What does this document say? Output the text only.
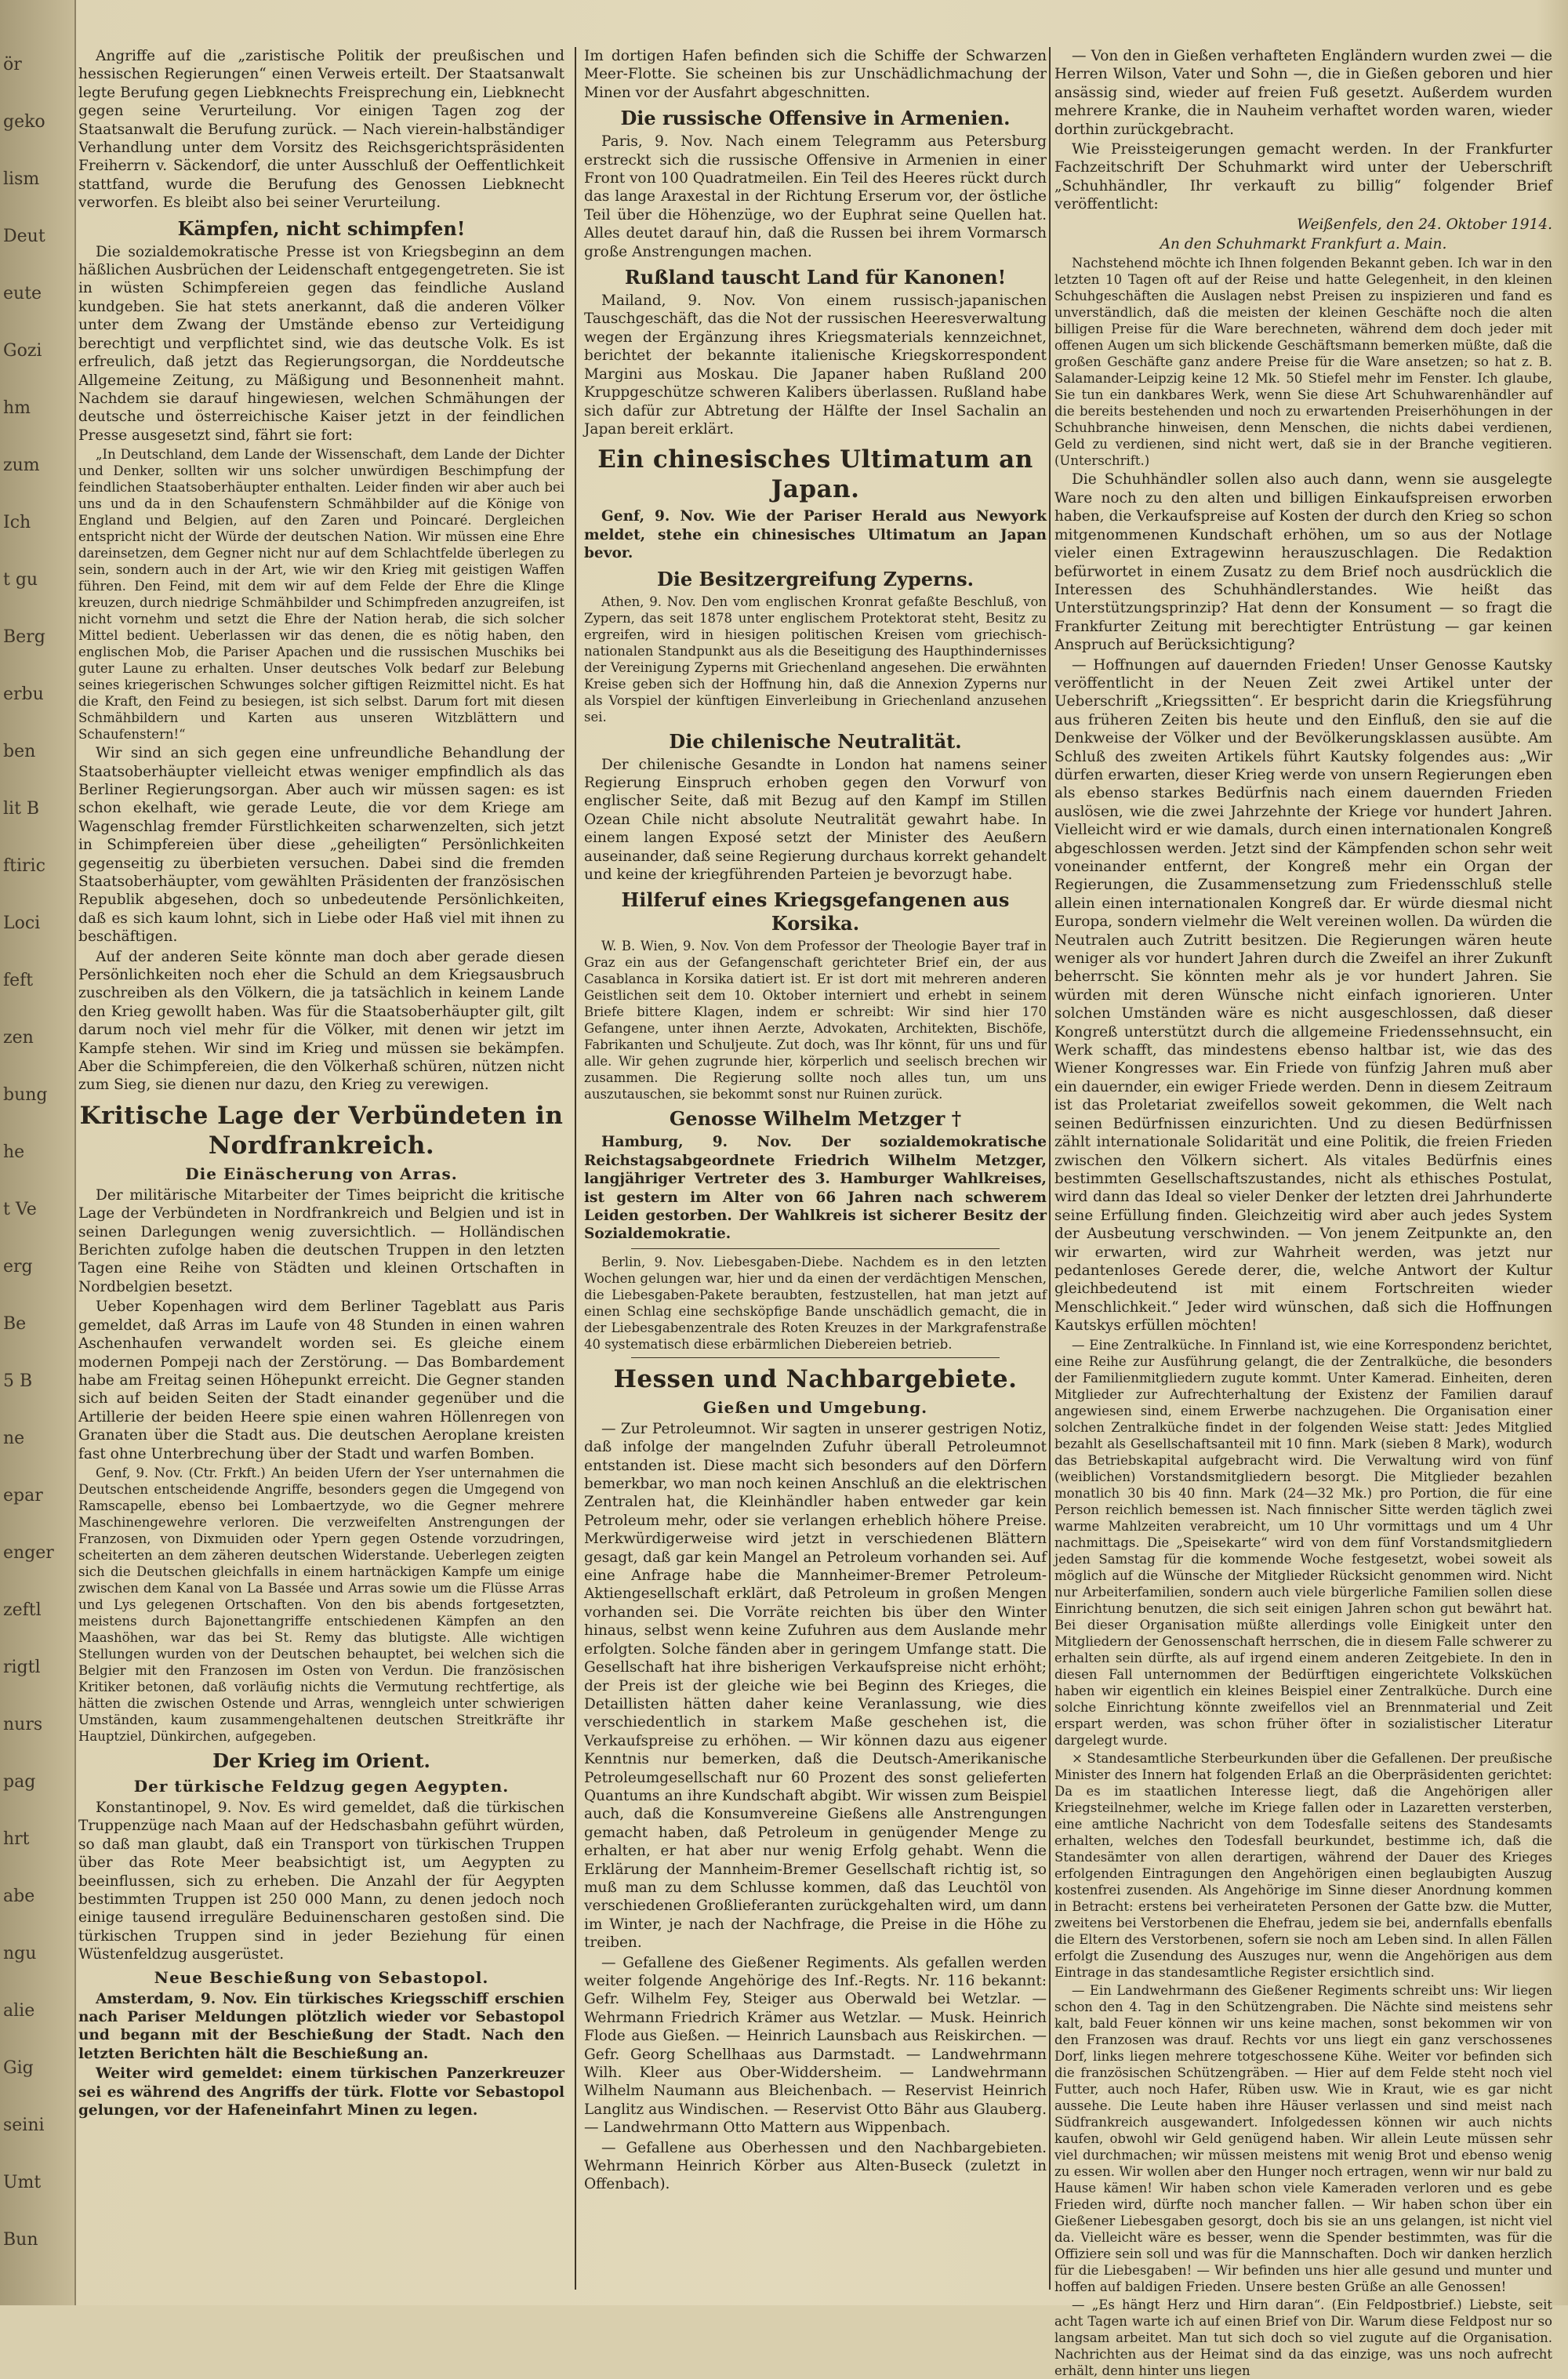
ör
geko
lism
Deut
eute
Gozi
hm
zum
Ich
t gu
Berg
erbu
ben
lit B
ftiric
Loci
feft
zen
bung
he
t Ve
erg
Be
5 B
ne
epar
enger
zeftl
rigtl
nurs
pag
hrt
abe
ngu
alie
Gig
seini
Umt
Bun

Angriffe auf die „zaristische Politik der preußischen und hessischen Regierungen“ einen Verweis erteilt. Der Staatsanwalt legte Berufung gegen Liebknechts Freisprechung ein, Liebknecht gegen seine Verurteilung. Vor einigen Tagen zog der Staatsanwalt die Berufung zurück. — Nach vierein-halbständiger Verhandlung unter dem Vorsitz des Reichsgerichtspräsidenten Freiherrn v. Säckendorf, die unter Ausschluß der Oeffentlichkeit stattfand, wurde die Berufung des Genossen Liebknecht verworfen. Es bleibt also bei seiner Verurteilung.

Kämpfen, nicht schimpfen!

Die sozialdemokratische Presse ist von Kriegsbeginn an dem häßlichen Ausbrüchen der Leidenschaft entgegengetreten. Sie ist in wüsten Schimpfereien gegen das feindliche Ausland kundgeben. Sie hat stets anerkannt, daß die anderen Völker unter dem Zwang der Umstände ebenso zur Verteidigung berechtigt und verpflichtet sind, wie das deutsche Volk. Es ist erfreulich, daß jetzt das Regierungsorgan, die Norddeutsche Allgemeine Zeitung, zu Mäßigung und Besonnenheit mahnt. Nachdem sie darauf hingewiesen, welchen Schmähungen der deutsche und österreichische Kaiser jetzt in der feindlichen Presse ausgesetzt sind, fährt sie fort:

„In Deutschland, dem Lande der Wissenschaft, dem Lande der Dichter und Denker, sollten wir uns solcher unwürdigen Beschimpfung der feindlichen Staatsoberhäupter enthalten. Leider finden wir aber auch bei uns und da in den Schaufenstern Schmähbilder auf die Könige von England und Belgien, auf den Zaren und Poincaré. Dergleichen entspricht nicht der Würde der deutschen Nation. Wir müssen eine Ehre dareinsetzen, dem Gegner nicht nur auf dem Schlachtfelde überlegen zu sein, sondern auch in der Art, wie wir den Krieg mit geistigen Waffen führen. Den Feind, mit dem wir auf dem Felde der Ehre die Klinge kreuzen, durch niedrige Schmähbilder und Schimpfreden anzugreifen, ist nicht vornehm und setzt die Ehre der Nation herab, die sich solcher Mittel bedient. Ueberlassen wir das denen, die es nötig haben, den englischen Mob, die Pariser Apachen und die russischen Muschiks bei guter Laune zu erhalten. Unser deutsches Volk bedarf zur Belebung seines kriegerischen Schwunges solcher giftigen Reizmittel nicht. Es hat die Kraft, den Feind zu besiegen, ist sich selbst. Darum fort mit diesen Schmähbildern und Karten aus unseren Witzblättern und Schaufenstern!“

Wir sind an sich gegen eine unfreundliche Behandlung der Staatsoberhäupter vielleicht etwas weniger empfindlich als das Berliner Regierungsorgan. Aber auch wir müssen sagen: es ist schon ekelhaft, wie gerade Leute, die vor dem Kriege am Wagenschlag fremder Fürstlichkeiten scharwenzelten, sich jetzt in Schimpfereien über diese „geheiligten“ Persönlichkeiten gegenseitig zu überbieten versuchen. Dabei sind die fremden Staatsoberhäupter, vom gewählten Präsidenten der französischen Republik abgesehen, doch so unbedeutende Persönlichkeiten, daß es sich kaum lohnt, sich in Liebe oder Haß viel mit ihnen zu beschäftigen.

Auf der anderen Seite könnte man doch aber gerade diesen Persönlichkeiten noch eher die Schuld an dem Kriegsausbruch zuschreiben als den Völkern, die ja tatsächlich in keinem Lande den Krieg gewollt haben. Was für die Staatsoberhäupter gilt, gilt darum noch viel mehr für die Völker, mit denen wir jetzt im Kampfe stehen. Wir sind im Krieg und müssen sie bekämpfen. Aber die Schimpfereien, die den Völkerhaß schüren, nützen nicht zum Sieg, sie dienen nur dazu, den Krieg zu verewigen.

Kritische Lage der Verbündeten in Nordfrankreich.
Die Einäscherung von Arras.

Der militärische Mitarbeiter der Times beipricht die kritische Lage der Verbündeten in Nordfrankreich und Belgien und ist in seinen Darlegungen wenig zuversichtlich. — Holländischen Berichten zufolge haben die deutschen Truppen in den letzten Tagen eine Reihe von Städten und kleinen Ortschaften in Nordbelgien besetzt.

Ueber Kopenhagen wird dem Berliner Tageblatt aus Paris gemeldet, daß Arras im Laufe von 48 Stunden in einen wahren Aschenhaufen verwandelt worden sei. Es gleiche einem modernen Pompeji nach der Zerstörung. — Das Bombardement habe am Freitag seinen Höhepunkt erreicht. Die Gegner standen sich auf beiden Seiten der Stadt einander gegenüber und die Artillerie der beiden Heere spie einen wahren Höllenregen von Granaten über die Stadt aus. Die deutschen Aeroplane kreisten fast ohne Unterbrechung über der Stadt und warfen Bomben.

Genf, 9. Nov. (Ctr. Frkft.) An beiden Ufern der Yser unternahmen die Deutschen entscheidende Angriffe, besonders gegen die Umgegend von Ramscapelle, ebenso bei Lombaertzyde, wo die Gegner mehrere Maschinengewehre verloren. Die verzweifelten Anstrengungen der Franzosen, von Dixmuiden oder Ypern gegen Ostende vorzudringen, scheiterten an dem zäheren deutschen Widerstande. Ueberlegen zeigten sich die Deutschen gleichfalls in einem hartnäckigen Kampfe um einige zwischen dem Kanal von La Bassée und Arras sowie um die Flüsse Arras und Lys gelegenen Ortschaften. Von den bis abends fortgesetzten, meistens durch Bajonettangriffe entschiedenen Kämpfen an den Maashöhen, war das bei St. Remy das blutigste. Alle wichtigen Stellungen wurden von der Deutschen behauptet, bei welchen sich die Belgier mit den Franzosen im Osten von Verdun. Die französischen Kritiker betonen, daß vorläufig nichts die Vermutung rechtfertige, als hätten die zwischen Ostende und Arras, wenngleich unter schwierigen Umständen, kaum zusammengehaltenen deutschen Streitkräfte ihr Hauptziel, Dünkirchen, aufgegeben.

Der Krieg im Orient.
Der türkische Feldzug gegen Aegypten.

Konstantinopel, 9. Nov. Es wird gemeldet, daß die türkischen Truppenzüge nach Maan auf der Hedschasbahn geführt würden, so daß man glaubt, daß ein Transport von türkischen Truppen über das Rote Meer beabsichtigt ist, um Aegypten zu beeinflussen, sich zu erheben. Die Anzahl der für Aegypten bestimmten Truppen ist 250 000 Mann, zu denen jedoch noch einige tausend irreguläre Beduinenscharen gestoßen sind. Die türkischen Truppen sind in jeder Beziehung für einen Wüstenfeldzug ausgerüstet.

Neue Beschießung von Sebastopol.

Amsterdam, 9. Nov. Ein türkisches Kriegsschiff erschien nach Pariser Meldungen plötzlich wieder vor Sebastopol und begann mit der Beschießung der Stadt. Nach den letzten Berichten hält die Beschießung an.

Weiter wird gemeldet: einem türkischen Panzerkreuzer sei es während des Angriffs der türk. Flotte vor Sebastopol gelungen, vor der Hafeneinfahrt Minen zu legen.

Im dortigen Hafen befinden sich die Schiffe der Schwarzen Meer-Flotte. Sie scheinen bis zur Unschädlichmachung der Minen vor der Ausfahrt abgeschnitten.

Die russische Offensive in Armenien.

Paris, 9. Nov. Nach einem Telegramm aus Petersburg erstreckt sich die russische Offensive in Armenien in einer Front von 100 Quadratmeilen. Ein Teil des Heeres rückt durch das lange Araxestal in der Richtung Erserum vor, der östliche Teil über die Höhenzüge, wo der Euphrat seine Quellen hat. Alles deutet darauf hin, daß die Russen bei ihrem Vormarsch große Anstrengungen machen.

Rußland tauscht Land für Kanonen!

Mailand, 9. Nov. Von einem russisch-japanischen Tauschgeschäft, das die Not der russischen Heeresverwaltung wegen der Ergänzung ihres Kriegsmaterials kennzeichnet, berichtet der bekannte italienische Kriegskorrespondent Margini aus Moskau. Die Japaner haben Rußland 200 Kruppgeschütze schweren Kalibers überlassen. Rußland habe sich dafür zur Abtretung der Hälfte der Insel Sachalin an Japan bereit erklärt.

Ein chinesisches Ultimatum an Japan.

Genf, 9. Nov. Wie der Pariser Herald aus Newyork meldet, stehe ein chinesisches Ultimatum an Japan bevor.

Die Besitzergreifung Zyperns.

Athen, 9. Nov. Den vom englischen Kronrat gefaßte Beschluß, von Zypern, das seit 1878 unter englischem Protektorat steht, Besitz zu ergreifen, wird in hiesigen politischen Kreisen vom griechisch-nationalen Standpunkt aus als die Beseitigung des Haupthindernisses der Vereinigung Zyperns mit Griechenland angesehen. Die erwähnten Kreise geben sich der Hoffnung hin, daß die Annexion Zyperns nur als Vorspiel der künftigen Einverleibung in Griechenland anzusehen sei.

Die chilenische Neutralität.

Der chilenische Gesandte in London hat namens seiner Regierung Einspruch erhoben gegen den Vorwurf von englischer Seite, daß mit Bezug auf den Kampf im Stillen Ozean Chile nicht absolute Neutralität gewahrt habe. In einem langen Exposé setzt der Minister des Aeußern auseinander, daß seine Regierung durchaus korrekt gehandelt und keine der kriegführenden Parteien je bevorzugt habe.

Hilferuf eines Kriegsgefangenen aus Korsika.

W. B. Wien, 9. Nov. Von dem Professor der Theologie Bayer traf in Graz ein aus der Gefangenschaft gerichteter Brief ein, der aus Casablanca in Korsika datiert ist. Er ist dort mit mehreren anderen Geistlichen seit dem 10. Oktober interniert und erhebt in seinem Briefe bittere Klagen, indem er schreibt: Wir sind hier 170 Gefangene, unter ihnen Aerzte, Advokaten, Architekten, Bischöfe, Fabrikanten und Schuljeute. Zut doch, was Ihr könnt, für uns und für alle. Wir gehen zugrunde hier, körperlich und seelisch brechen wir zusammen. Die Regierung sollte noch alles tun, um uns auszutauschen, sie bekommt sonst nur Ruinen zurück.

Genosse Wilhelm Metzger †

Hamburg, 9. Nov. Der sozialdemokratische Reichstagsabgeordnete Friedrich Wilhelm Metzger, langjähriger Vertreter des 3. Hamburger Wahlkreises, ist gestern im Alter von 66 Jahren nach schwerem Leiden gestorben. Der Wahlkreis ist sicherer Besitz der Sozialdemokratie.

Berlin, 9. Nov. Liebesgaben-Diebe. Nachdem es in den letzten Wochen gelungen war, hier und da einen der verdächtigen Menschen, die Liebesgaben-Pakete beraubten, festzustellen, hat man jetzt auf einen Schlag eine sechsköpfige Bande unschädlich gemacht, die in der Liebesgabenzentrale des Roten Kreuzes in der Markgrafenstraße 40 systematisch diese erbärmlichen Diebereien betrieb.

Hessen und Nachbargebiete.
Gießen und Umgebung.

— Zur Petroleumnot. Wir sagten in unserer gestrigen Notiz, daß infolge der mangelnden Zufuhr überall Petroleumnot entstanden ist. Diese macht sich besonders auf den Dörfern bemerkbar, wo man noch keinen Anschluß an die elektrischen Zentralen hat, die Kleinhändler haben entweder gar kein Petroleum mehr, oder sie verlangen erheblich höhere Preise. Merkwürdigerweise wird jetzt in verschiedenen Blättern gesagt, daß gar kein Mangel an Petroleum vorhanden sei. Auf eine Anfrage habe die Mannheimer-Bremer Petroleum-Aktiengesellschaft erklärt, daß Petroleum in großen Mengen vorhanden sei. Die Vorräte reichten bis über den Winter hinaus, selbst wenn keine Zufuhren aus dem Auslande mehr erfolgten. Solche fänden aber in geringem Umfange statt. Die Gesellschaft hat ihre bisherigen Verkaufspreise nicht erhöht; der Preis ist der gleiche wie bei Beginn des Krieges, die Detaillisten hätten daher keine Veranlassung, wie dies verschiedentlich in starkem Maße geschehen ist, die Verkaufspreise zu erhöhen. — Wir können dazu aus eigener Kenntnis nur bemerken, daß die Deutsch-Amerikanische Petroleumgesellschaft nur 60 Prozent des sonst gelieferten Quantums an ihre Kundschaft abgibt. Wir wissen zum Beispiel auch, daß die Konsumvereine Gießens alle Anstrengungen gemacht haben, daß Petroleum in genügender Menge zu erhalten, er hat aber nur wenig Erfolg gehabt. Wenn die Erklärung der Mannheim-Bremer Gesellschaft richtig ist, so muß man zu dem Schlusse kommen, daß das Leuchtöl von verschiedenen Großlieferanten zurückgehalten wird, um dann im Winter, je nach der Nachfrage, die Preise in die Höhe zu treiben.

— Gefallene des Gießener Regiments. Als gefallen werden weiter folgende Angehörige des Inf.-Regts. Nr. 116 bekannt: Gefr. Wilhelm Fey, Steiger aus Oberwald bei Wetzlar. — Wehrmann Friedrich Krämer aus Wetzlar. — Musk. Heinrich Flode aus Gießen. — Heinrich Launsbach aus Reiskirchen. — Gefr. Georg Schellhaas aus Darmstadt. — Landwehrmann Wilh. Kleer aus Ober-Widdersheim. — Landwehrmann Wilhelm Naumann aus Bleichenbach. — Reservist Heinrich Langlitz aus Windischen. — Reservist Otto Bähr aus Glauberg. — Landwehrmann Otto Mattern aus Wippenbach.

— Gefallene aus Oberhessen und den Nachbargebieten. Wehrmann Heinrich Körber aus Alten-Buseck (zuletzt in Offenbach).

— Von den in Gießen verhafteten Engländern wurden zwei — die Herren Wilson, Vater und Sohn —, die in Gießen geboren und hier ansässig sind, wieder auf freien Fuß gesetzt. Außerdem wurden mehrere Kranke, die in Nauheim verhaftet worden waren, wieder dorthin zurückgebracht.

Wie Preissteigerungen gemacht werden. In der Frankfurter Fachzeitschrift Der Schuhmarkt wird unter der Ueberschrift „Schuhhändler, Ihr verkauft zu billig“ folgender Brief veröffentlicht:

Weißenfels, den 24. Oktober 1914.

An den Schuhmarkt Frankfurt a. Main.

Nachstehend möchte ich Ihnen folgenden Bekannt geben. Ich war in den letzten 10 Tagen oft auf der Reise und hatte Gelegenheit, in den kleinen Schuhgeschäften die Auslagen nebst Preisen zu inspizieren und fand es unverständlich, daß die meisten der kleinen Geschäfte noch die alten billigen Preise für die Ware berechneten, während dem doch jeder mit offenen Augen um sich blickende Geschäftsmann bemerken müßte, daß die großen Geschäfte ganz andere Preise für die Ware ansetzen; so hat z. B. Salamander-Leipzig keine 12 Mk. 50 Stiefel mehr im Fenster. Ich glaube, Sie tun ein dankbares Werk, wenn Sie diese Art Schuhwarenhändler auf die bereits bestehenden und noch zu erwartenden Preiserhöhungen in der Schuhbranche hinweisen, denn Menschen, die nichts dabei verdienen, Geld zu verdienen, sind nicht wert, daß sie in der Branche vegitieren. (Unterschrift.)

Die Schuhhändler sollen also auch dann, wenn sie ausgelegte Ware noch zu den alten und billigen Einkaufspreisen erworben haben, die Verkaufspreise auf Kosten der durch den Krieg so schon mitgenommenen Kundschaft erhöhen, um so aus der Notlage vieler einen Extragewinn herauszuschlagen. Die Redaktion befürwortet in einem Zusatz zu dem Brief noch ausdrücklich die Interessen des Schuhhändlerstandes. Wie heißt das Unterstützungsprinzip? Hat denn der Konsument — so fragt die Frankfurter Zeitung mit berechtigter Entrüstung — gar keinen Anspruch auf Berücksichtigung?

— Hoffnungen auf dauernden Frieden! Unser Genosse Kautsky veröffentlicht in der Neuen Zeit zwei Artikel unter der Ueberschrift „Kriegssitten“. Er bespricht darin die Kriegsführung aus früheren Zeiten bis heute und den Einfluß, den sie auf die Denkweise der Völker und der Bevölkerungsklassen ausübte. Am Schluß des zweiten Artikels führt Kautsky folgendes aus: „Wir dürfen erwarten, dieser Krieg werde von unsern Regierungen eben als ebenso starkes Bedürfnis nach einem dauernden Frieden auslösen, wie die zwei Jahrzehnte der Kriege vor hundert Jahren. Vielleicht wird er wie damals, durch einen internationalen Kongreß abgeschlossen werden. Jetzt sind der Kämpfenden schon sehr weit voneinander entfernt, der Kongreß mehr ein Organ der Regierungen, die Zusammensetzung zum Friedensschluß stelle allein einen internationalen Kongreß dar. Er würde diesmal nicht Europa, sondern vielmehr die Welt vereinen wollen. Da würden die Neutralen auch Zutritt besitzen. Die Regierungen wären heute weniger als vor hundert Jahren durch die Zweifel an ihrer Zukunft beherrscht. Sie könnten mehr als je vor hundert Jahren. Sie würden mit deren Wünsche nicht einfach ignorieren. Unter solchen Umständen wäre es nicht ausgeschlossen, daß dieser Kongreß unterstützt durch die allgemeine Friedenssehnsucht, ein Werk schafft, das mindestens ebenso haltbar ist, wie das des Wiener Kongresses war. Ein Friede von fünfzig Jahren muß aber ein dauernder, ein ewiger Friede werden. Denn in diesem Zeitraum ist das Proletariat zweifellos soweit gekommen, die Welt nach seinen Bedürfnissen einzurichten. Und zu diesen Bedürfnissen zählt internationale Solidarität und eine Politik, die freien Frieden zwischen den Völkern sichert. Als vitales Bedürfnis eines bestimmten Gesellschaftszustandes, nicht als ethisches Postulat, wird dann das Ideal so vieler Denker der letzten drei Jahrhunderte seine Erfüllung finden. Gleichzeitig wird aber auch jedes System der Ausbeutung verschwinden. — Von jenem Zeitpunkte an, den wir erwarten, wird zur Wahrheit werden, was jetzt nur pedantenloses Gerede derer, die, welche Antwort der Kultur gleichbedeutend ist mit einem Fortschreiten wieder Menschlichkeit.“ Jeder wird wünschen, daß sich die Hoffnungen Kautskys erfüllen möchten!

— Eine Zentralküche. In Finnland ist, wie eine Korrespondenz berichtet, eine Reihe zur Ausführung gelangt, die der Zentralküche, die besonders der Familienmitgliedern zugute kommt. Unter Kamerad. Einheiten, deren Mitglieder zur Aufrechterhaltung der Existenz der Familien darauf angewiesen sind, einem Erwerbe nachzugehen. Die Organisation einer solchen Zentralküche findet in der folgenden Weise statt: Jedes Mitglied bezahlt als Gesellschaftsanteil mit 10 finn. Mark (sieben 8 Mark), wodurch das Betriebskapital aufgebracht wird. Die Verwaltung wird von fünf (weiblichen) Vorstandsmitgliedern besorgt. Die Mitglieder bezahlen monatlich 30 bis 40 finn. Mark (24—32 Mk.) pro Portion, die für eine Person reichlich bemessen ist. Nach finnischer Sitte werden täglich zwei warme Mahlzeiten verabreicht, um 10 Uhr vormittags und um 4 Uhr nachmittags. Die „Speisekarte“ wird von dem fünf Vorstandsmitgliedern jeden Samstag für die kommende Woche festgesetzt, wobei soweit als möglich auf die Wünsche der Mitglieder Rücksicht genommen wird. Nicht nur Arbeiterfamilien, sondern auch viele bürgerliche Familien sollen diese Einrichtung benutzen, die sich seit einigen Jahren schon gut bewährt hat. Bei dieser Organisation müßte allerdings volle Einigkeit unter den Mitgliedern der Genossenschaft herrschen, die in diesem Falle schwerer zu erhalten sein dürfte, als auf irgend einem anderen Zeitgebiete. In den in diesen Fall unternommen der Bedürftigen eingerichtete Volksküchen haben wir eigentlich ein kleines Beispiel einer Zentralküche. Durch eine solche Einrichtung könnte zweifellos viel an Brennmaterial und Zeit erspart werden, was schon früher öfter in sozialistischer Literatur dargelegt wurde.

× Standesamtliche Sterbeurkunden über die Gefallenen. Der preußische Minister des Innern hat folgenden Erlaß an die Oberpräsidenten gerichtet: Da es im staatlichen Interesse liegt, daß die Angehörigen aller Kriegsteilnehmer, welche im Kriege fallen oder in Lazaretten versterben, eine amtliche Nachricht von dem Todesfalle seitens des Standesamts erhalten, welches den Todesfall beurkundet, bestimme ich, daß die Standesämter von allen derartigen, während der Dauer des Krieges erfolgenden Eintragungen den Angehörigen einen beglaubigten Auszug kostenfrei zusenden. Als Angehörige im Sinne dieser Anordnung kommen in Betracht: erstens bei verheirateten Personen der Gatte bzw. die Mutter, zweitens bei Verstorbenen die Ehefrau, jedem sie bei, andernfalls ebenfalls die Eltern des Verstorbenen, sofern sie noch am Leben sind. In allen Fällen erfolgt die Zusendung des Auszuges nur, wenn die Angehörigen aus dem Eintrage in das standesamtliche Register ersichtlich sind.

— Ein Landwehrmann des Gießener Regiments schreibt uns: Wir liegen schon den 4. Tag in den Schützengraben. Die Nächte sind meistens sehr kalt, bald Feuer können wir uns keine machen, sonst bekommen wir von den Franzosen was drauf. Rechts vor uns liegt ein ganz verschossenes Dorf, links liegen mehrere totgeschossene Kühe. Weiter vor befinden sich die französischen Schützengräben. — Hier auf dem Felde steht noch viel Futter, auch noch Hafer, Rüben usw. Wie in Kraut, wie es gar nicht aussehe. Die Leute haben ihre Häuser verlassen und sind meist nach Südfrankreich ausgewandert. Infolgedessen können wir auch nichts kaufen, obwohl wir Geld genügend haben. Wir allein Leute müssen sehr viel durchmachen; wir müssen meistens mit wenig Brot und ebenso wenig zu essen. Wir wollen aber den Hunger noch ertragen, wenn wir nur bald zu Hause kämen! Wir haben schon viele Kameraden verloren und es gebe Frieden wird, dürfte noch mancher fallen. — Wir haben schon über ein Gießener Liebesgaben gesorgt, doch bis sie an uns gelangen, ist nicht viel da. Vielleicht wäre es besser, wenn die Spender bestimmten, was für die Offiziere sein soll und was für die Mannschaften. Doch wir danken herzlich für die Liebesgaben! — Wir befinden uns hier alle gesund und munter und hoffen auf baldigen Frieden. Unsere besten Grüße an alle Genossen!

— „Es hängt Herz und Hirn daran“. (Ein Feldpostbrief.) Liebste, seit acht Tagen warte ich auf einen Brief von Dir. Warum diese Feldpost nur so langsam arbeitet. Man tut sich doch so viel zugute auf die Organisation. Nachrichten aus der Heimat sind da das einzige, was uns noch aufrecht erhält, denn hinter uns liegen
